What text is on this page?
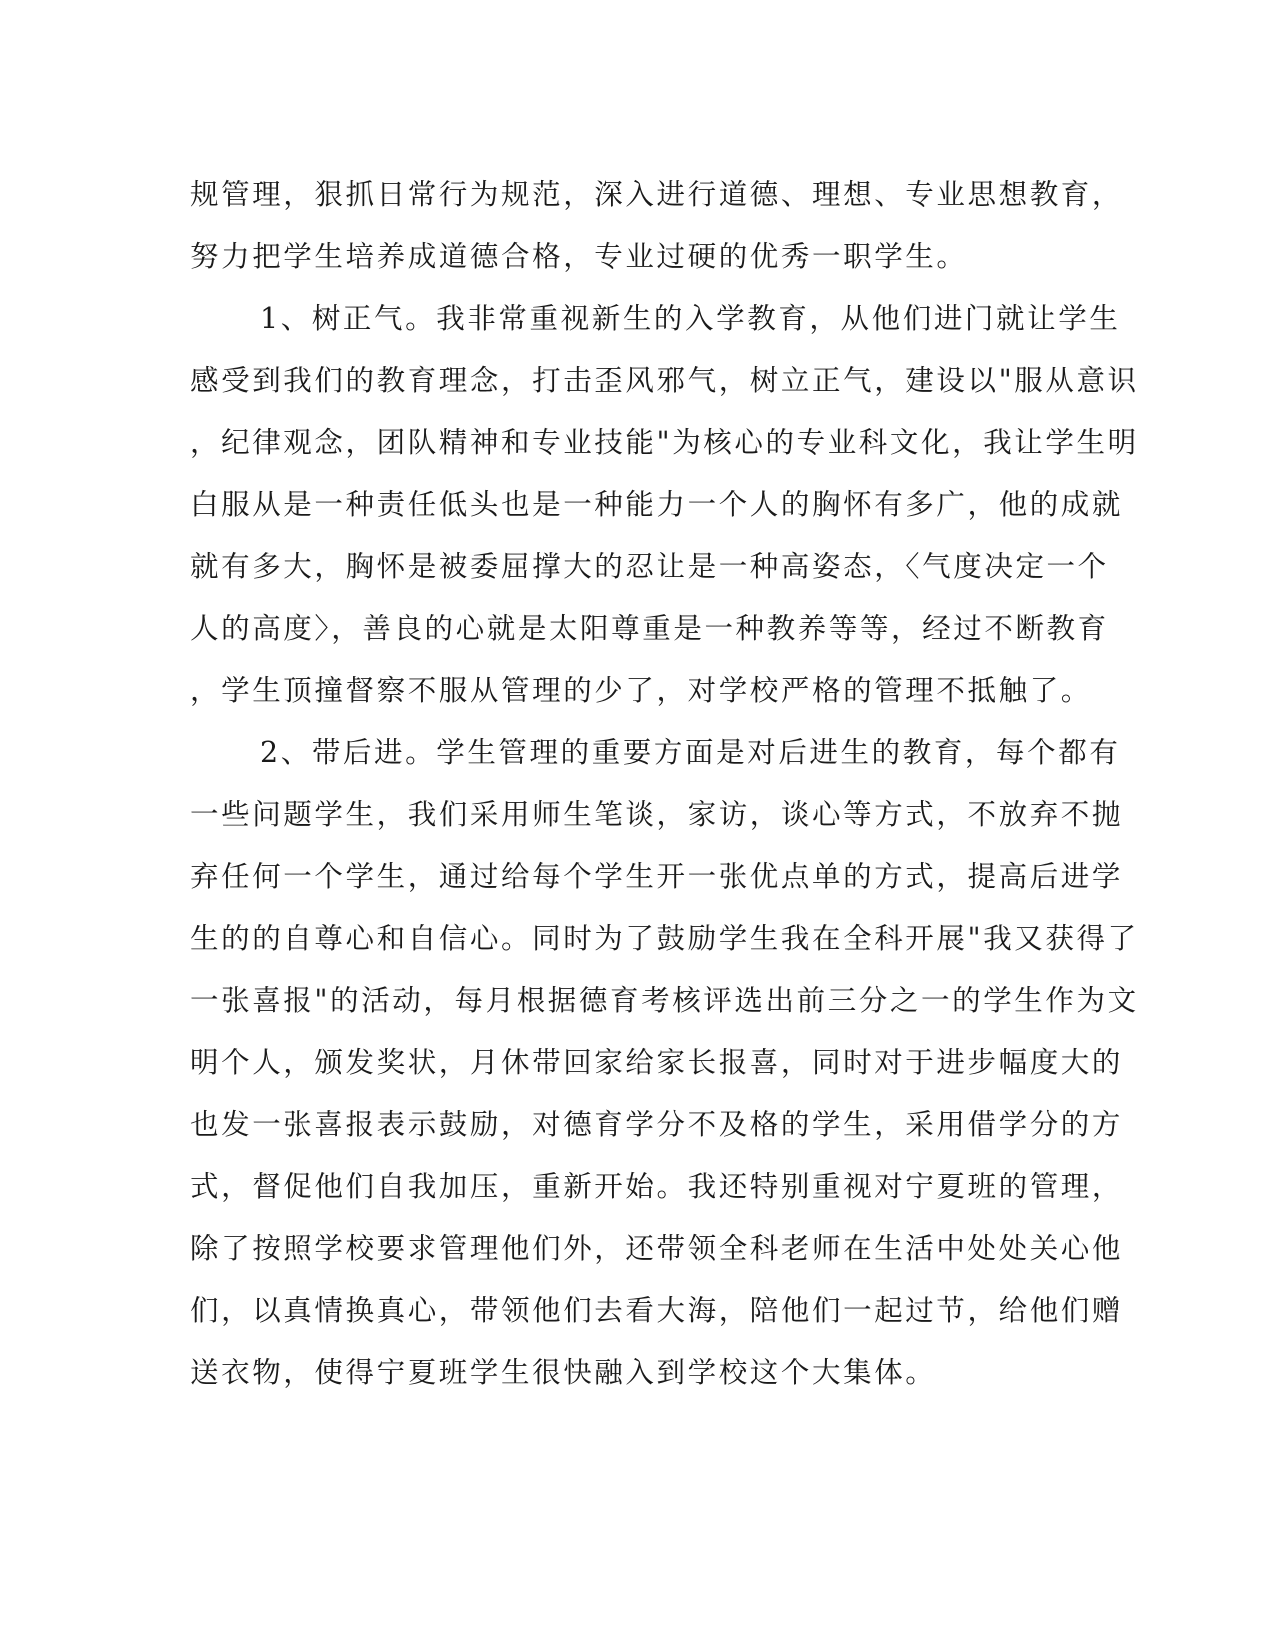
规管理，狠抓日常行为规范，深入进行道德、理想、专业思想教育，
努力把学生培养成道德合格，专业过硬的优秀一职学生。
1、树正气。我非常重视新生的入学教育，从他们进门就让学生
感受到我们的教育理念，打击歪风邪气，树立正气，建设以"服从意识
，纪律观念，团队精神和专业技能"为核心的专业科文化，我让学生明
白服从是一种责任低头也是一种能力一个人的胸怀有多广，他的成就
就有多大，胸怀是被委屈撑大的忍让是一种高姿态，〈气度决定一个
人的高度〉，善良的心就是太阳尊重是一种教养等等，经过不断教育
，学生顶撞督察不服从管理的少了，对学校严格的管理不抵触了。
2、带后进。学生管理的重要方面是对后进生的教育，每个都有
一些问题学生，我们采用师生笔谈，家访，谈心等方式，不放弃不抛
弃任何一个学生，通过给每个学生开一张优点单的方式，提高后进学
生的的自尊心和自信心。同时为了鼓励学生我在全科开展"我又获得了
一张喜报"的活动，每月根据德育考核评选出前三分之一的学生作为文
明个人，颁发奖状，月休带回家给家长报喜，同时对于进步幅度大的
也发一张喜报表示鼓励，对德育学分不及格的学生，采用借学分的方
式，督促他们自我加压，重新开始。我还特别重视对宁夏班的管理，
除了按照学校要求管理他们外，还带领全科老师在生活中处处关心他
们，以真情换真心，带领他们去看大海，陪他们一起过节，给他们赠
送衣物，使得宁夏班学生很快融入到学校这个大集体。
